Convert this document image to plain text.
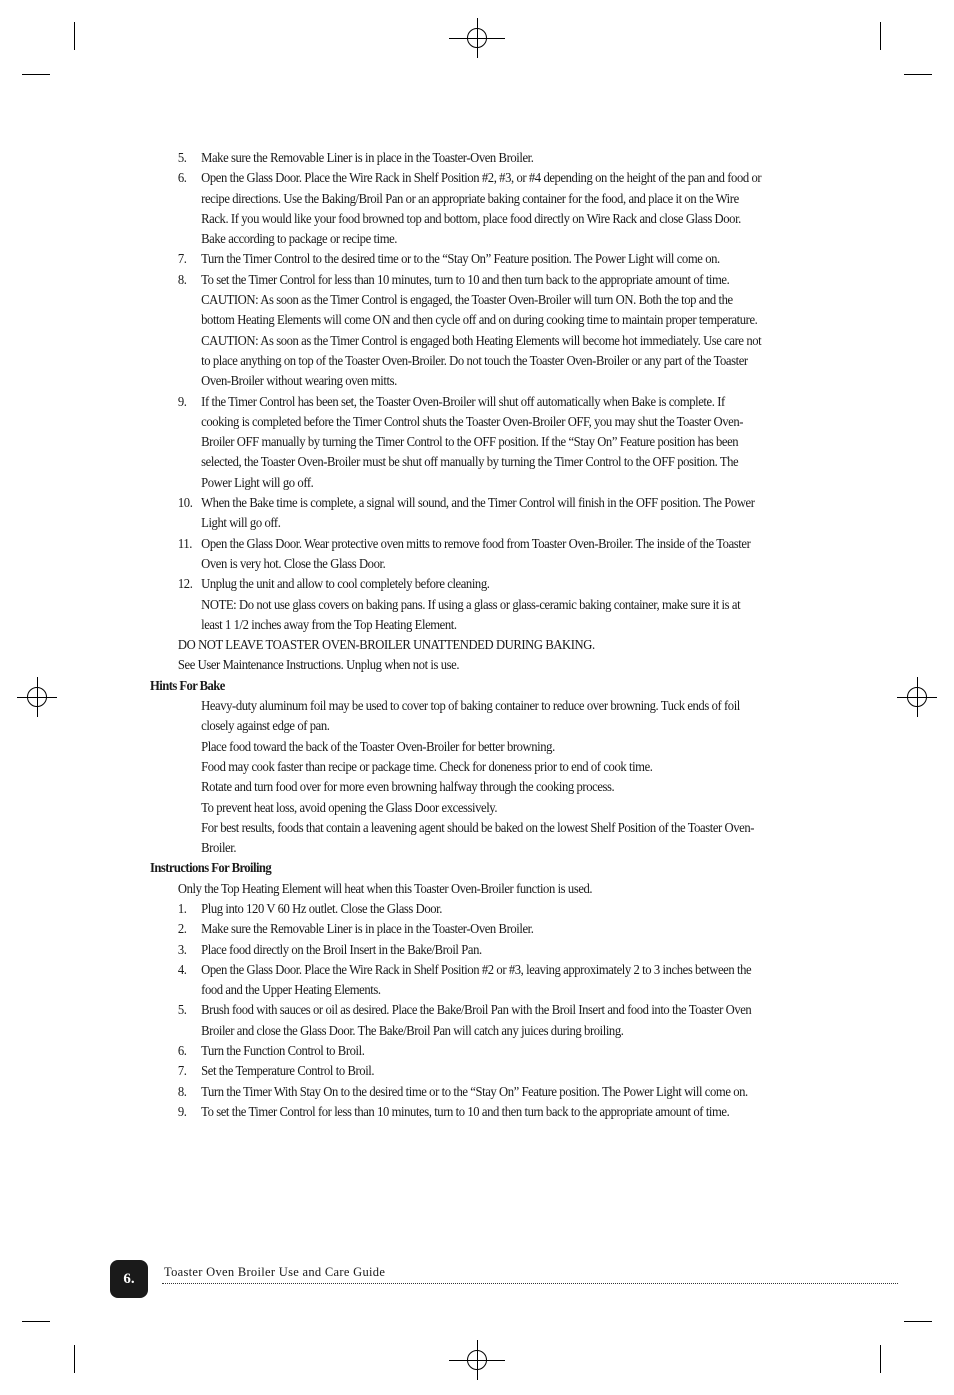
5. Make sure the Removable Liner is in place in the Toaster-Oven Broiler.

6. Open the Glass Door. Place the Wire Rack in Shelf Position #2, #3, or #4 depending on the height of the pan and food or recipe directions. Use the Baking/Broil Pan or an appropriate baking container for the food, and place it on the Wire Rack. If you would like your food browned top and bottom, place food directly on Wire Rack and close Glass Door. Bake according to package or recipe time.

7. Turn the Timer Control to the desired time or to the “Stay On” Feature position. The Power Light will come on.

8. To set the Timer Control for less than 10 minutes, turn to 10 and then turn back to the appropriate amount of time.

CAUTION: As soon as the Timer Control is engaged, the Toaster Oven-Broiler will turn ON. Both the top and the bottom Heating Elements will come ON and then cycle off and on during cooking time to maintain proper temperature.

CAUTION: As soon as the Timer Control is engaged both Heating Elements will become hot immediately. Use care not to place anything on top of the Toaster Oven-Broiler. Do not touch the Toaster Oven-Broiler or any part of the Toaster Oven-Broiler without wearing oven mitts.

9. If the Timer Control has been set, the Toaster Oven-Broiler will shut off automatically when Bake is complete. If cooking is completed before the Timer Control shuts the Toaster Oven-Broiler OFF, you may shut the Toaster Oven-Broiler OFF manually by turning the Timer Control to the OFF position. If the “Stay On” Feature position has been selected, the Toaster Oven-Broiler must be shut off manually by turning the Timer Control to the OFF position. The Power Light will go off.

10. When the Bake time is complete, a signal will sound, and the Timer Control will finish in the OFF position. The Power Light will go off.

11. Open the Glass Door. Wear protective oven mitts to remove food from Toaster Oven-Broiler. The inside of the Toaster Oven is very hot. Close the Glass Door.

12. Unplug the unit and allow to cool completely before cleaning.

NOTE: Do not use glass covers on baking pans. If using a glass or glass-ceramic baking container, make sure it is at least 1 1/2 inches away from the Top Heating Element.

DO NOT LEAVE TOASTER OVEN-BROILER UNATTENDED DURING BAKING.

See User Maintenance Instructions. Unplug when not is use.

Hints For Bake

Heavy-duty aluminum foil may be used to cover top of baking container to reduce over browning. Tuck ends of foil closely against edge of pan.

Place food toward the back of the Toaster Oven-Broiler for better browning.

Food may cook faster than recipe or package time. Check for doneness prior to end of cook time.

Rotate and turn food over for more even browning halfway through the cooking process.

To prevent heat loss, avoid opening the Glass Door excessively.

For best results, foods that contain a leavening agent should be baked on the lowest Shelf Position of the Toaster Oven-Broiler.

Instructions For Broiling

Only the Top Heating Element will heat when this Toaster Oven-Broiler function is used.

1. Plug into 120 V 60 Hz outlet. Close the Glass Door.

2. Make sure the Removable Liner is in place in the Toaster-Oven Broiler.

3. Place food directly on the Broil Insert in the Bake/Broil Pan.

4. Open the Glass Door. Place the Wire Rack in Shelf Position #2 or #3, leaving approximately 2 to 3 inches between the food and the Upper Heating Elements.

5. Brush food with sauces or oil as desired. Place the Bake/Broil Pan with the Broil Insert and food into the Toaster Oven Broiler and close the Glass Door. The Bake/Broil Pan will catch any juices during broiling.

6. Turn the Function Control to Broil.

7. Set the Temperature Control to Broil.

8. Turn the Timer With Stay On to the desired time or to the “Stay On” Feature position. The Power Light will come on.

9. To set the Timer Control for less than 10 minutes, turn to 10 and then turn back to the appropriate amount of time.

6.	Toaster Oven Broiler Use and Care Guide
